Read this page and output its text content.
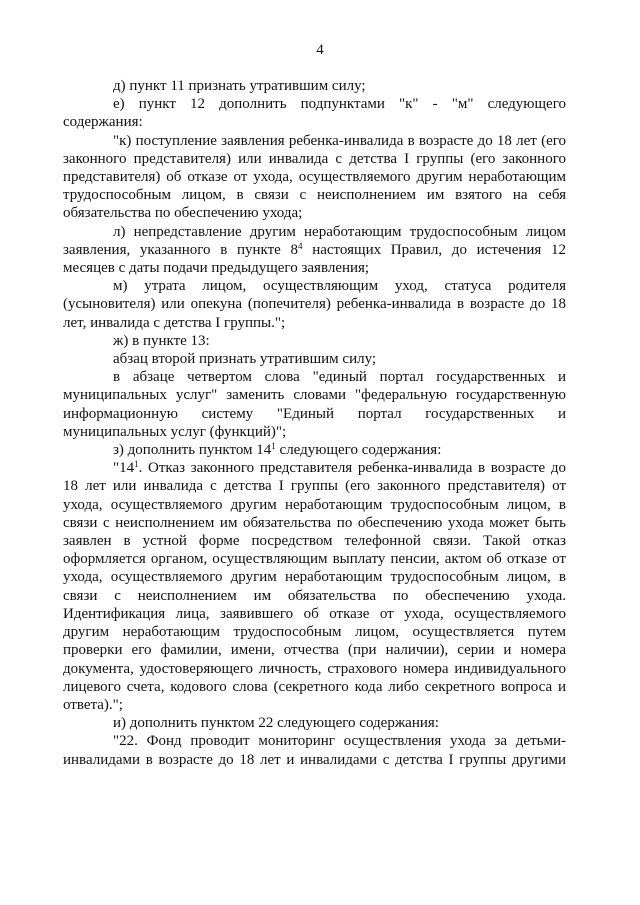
4

д) пункт 11 признать утратившим силу;

е) пункт 12 дополнить подпунктами "к" - "м" следующего содержания:

"к) поступление заявления ребенка-инвалида в возрасте до 18 лет (его законного представителя) или инвалида с детства I группы (его законного представителя) об отказе от ухода, осуществляемого другим неработающим трудоспособным лицом, в связи с неисполнением им взятого на себя обязательства по обеспечению ухода;

л) непредставление другим неработающим трудоспособным лицом заявления, указанного в пункте $8^4$ настоящих Правил, до истечения 12 месяцев с даты подачи предыдущего заявления;

м) утрата лицом, осуществляющим уход, статуса родителя (усыновителя) или опекуна (попечителя) ребенка-инвалида в возрасте до 18 лет, инвалида с детства I группы.";

ж) в пункте 13:

абзац второй признать утратившим силу;

в абзаце четвертом слова "единый портал государственных и муниципальных услуг" заменить словами "федеральную государственную информационную систему "Единый портал государственных и муниципальных услуг (функций)";

з) дополнить пунктом $14^1$ следующего содержания:

"$14^1$. Отказ законного представителя ребенка-инвалида в возрасте до 18 лет или инвалида с детства I группы (его законного представителя) от ухода, осуществляемого другим неработающим трудоспособным лицом, в связи с неисполнением им обязательства по обеспечению ухода может быть заявлен в устной форме посредством телефонной связи. Такой отказ оформляется органом, осуществляющим выплату пенсии, актом об отказе от ухода, осуществляемого другим неработающим трудоспособным лицом, в связи с неисполнением им обязательства по обеспечению ухода. Идентификация лица, заявившего об отказе от ухода, осуществляемого другим неработающим трудоспособным лицом, осуществляется путем проверки его фамилии, имени, отчества (при наличии), серии и номера документа, удостоверяющего личность, страхового номера индивидуального лицевого счета, кодового слова (секретного кода либо секретного вопроса и ответа).";

и) дополнить пунктом 22 следующего содержания:

"22. Фонд проводит мониторинг осуществления ухода за детьми-инвалидами в возрасте до 18 лет и инвалидами с детства I группы другими
